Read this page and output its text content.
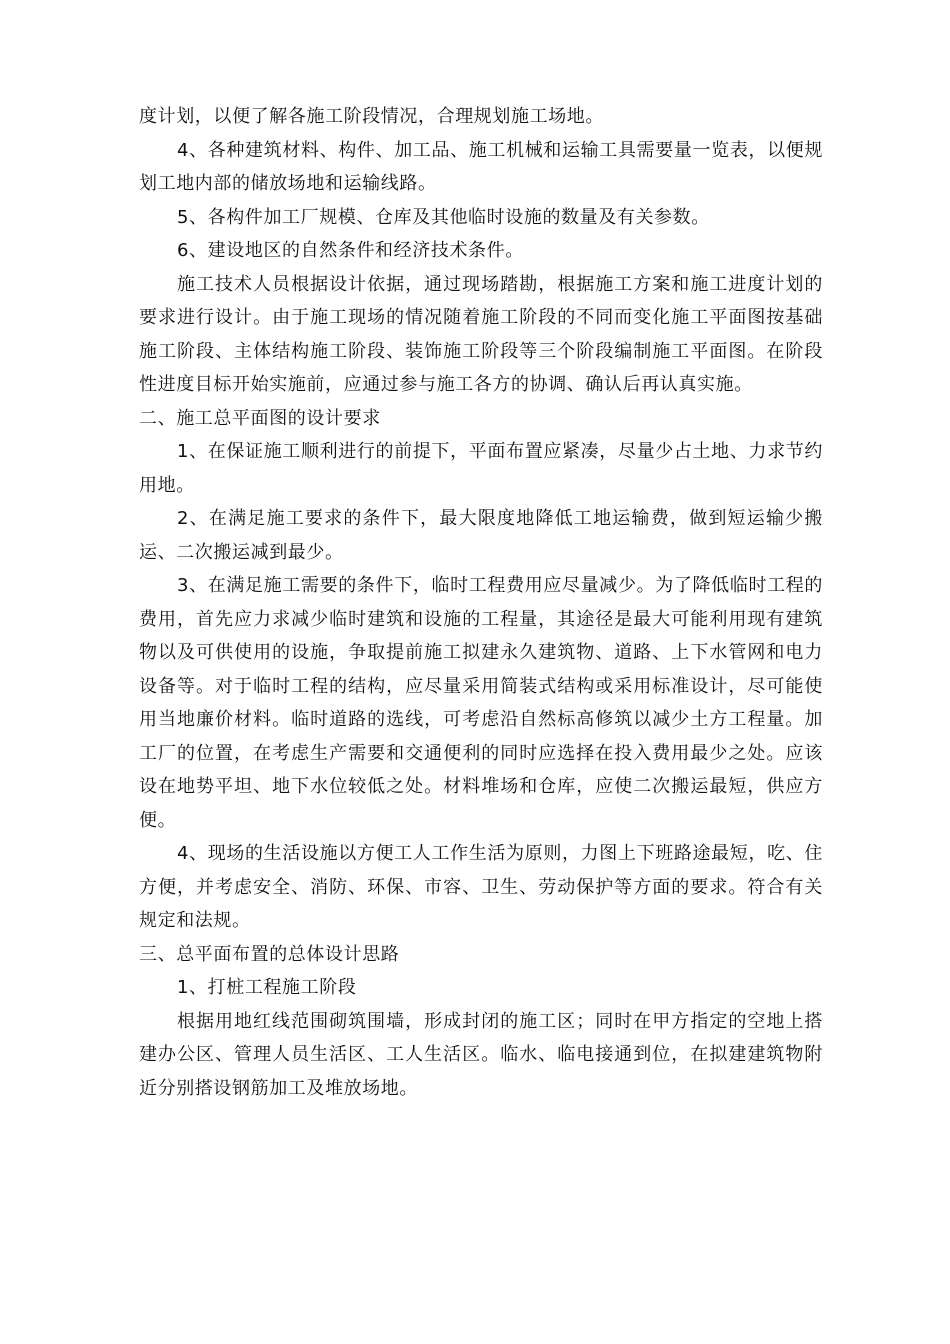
度计划，以便了解各施工阶段情况，合理规划施工场地。

4、各种建筑材料、构件、加工品、施工机械和运输工具需要量一览表，以便规划工地内部的储放场地和运输线路。

5、各构件加工厂规模、仓库及其他临时设施的数量及有关参数。

6、建设地区的自然条件和经济技术条件。

施工技术人员根据设计依据，通过现场踏勘，根据施工方案和施工进度计划的要求进行设计。由于施工现场的情况随着施工阶段的不同而变化施工平面图按基础施工阶段、主体结构施工阶段、装饰施工阶段等三个阶段编制施工平面图。在阶段性进度目标开始实施前，应通过参与施工各方的协调、确认后再认真实施。

二、施工总平面图的设计要求

1、在保证施工顺利进行的前提下，平面布置应紧凑，尽量少占土地、力求节约用地。

2、在满足施工要求的条件下，最大限度地降低工地运输费，做到短运输少搬运、二次搬运减到最少。

3、在满足施工需要的条件下，临时工程费用应尽量减少。为了降低临时工程的费用，首先应力求减少临时建筑和设施的工程量，其途径是最大可能利用现有建筑物以及可供使用的设施，争取提前施工拟建永久建筑物、道路、上下水管网和电力设备等。对于临时工程的结构，应尽量采用简装式结构或采用标准设计，尽可能使用当地廉价材料。临时道路的选线，可考虑沿自然标高修筑以减少土方工程量。加工厂的位置，在考虑生产需要和交通便利的同时应选择在投入费用最少之处。应该设在地势平坦、地下水位较低之处。材料堆场和仓库，应使二次搬运最短，供应方便。

4、现场的生活设施以方便工人工作生活为原则，力图上下班路途最短，吃、住方便，并考虑安全、消防、环保、市容、卫生、劳动保护等方面的要求。符合有关规定和法规。

三、总平面布置的总体设计思路

1、打桩工程施工阶段

根据用地红线范围砌筑围墙，形成封闭的施工区；同时在甲方指定的空地上搭建办公区、管理人员生活区、工人生活区。临水、临电接通到位，在拟建建筑物附近分别搭设钢筋加工及堆放场地。
